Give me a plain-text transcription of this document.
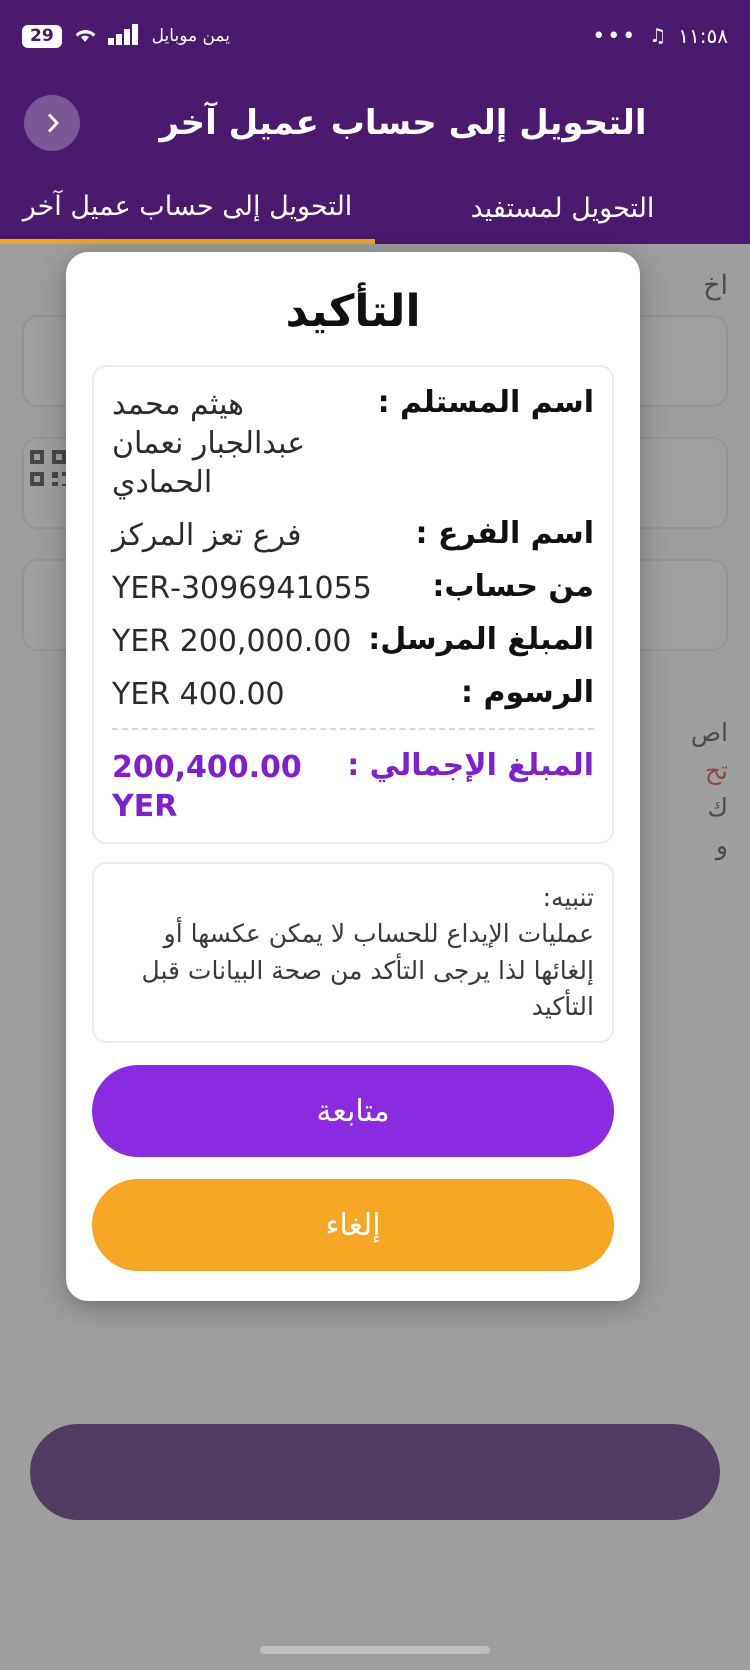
29	يمن موبايل	••• ♫ ١١:٥٨
التحويل إلى حساب عميل آخر
التحويل لمستفيد
التحويل إلى حساب عميل آخر
التأكيد
اسم المستلم :
هيثم محمد عبدالجبار نعمان الحمادي
اسم الفرع :
فرع تعز المركز
من حساب:
3096941055-YER
المبلغ المرسل:
200,000.00 YER
الرسوم :
400.00 YER
المبلغ الإجمالي :
200,400.00 YER
تنبيه:
عمليات الإيداع للحساب لا يمكن عكسها أو إلغائها لذا يرجى التأكد من صحة البيانات قبل التأكيد
متابعة
إلغاء
